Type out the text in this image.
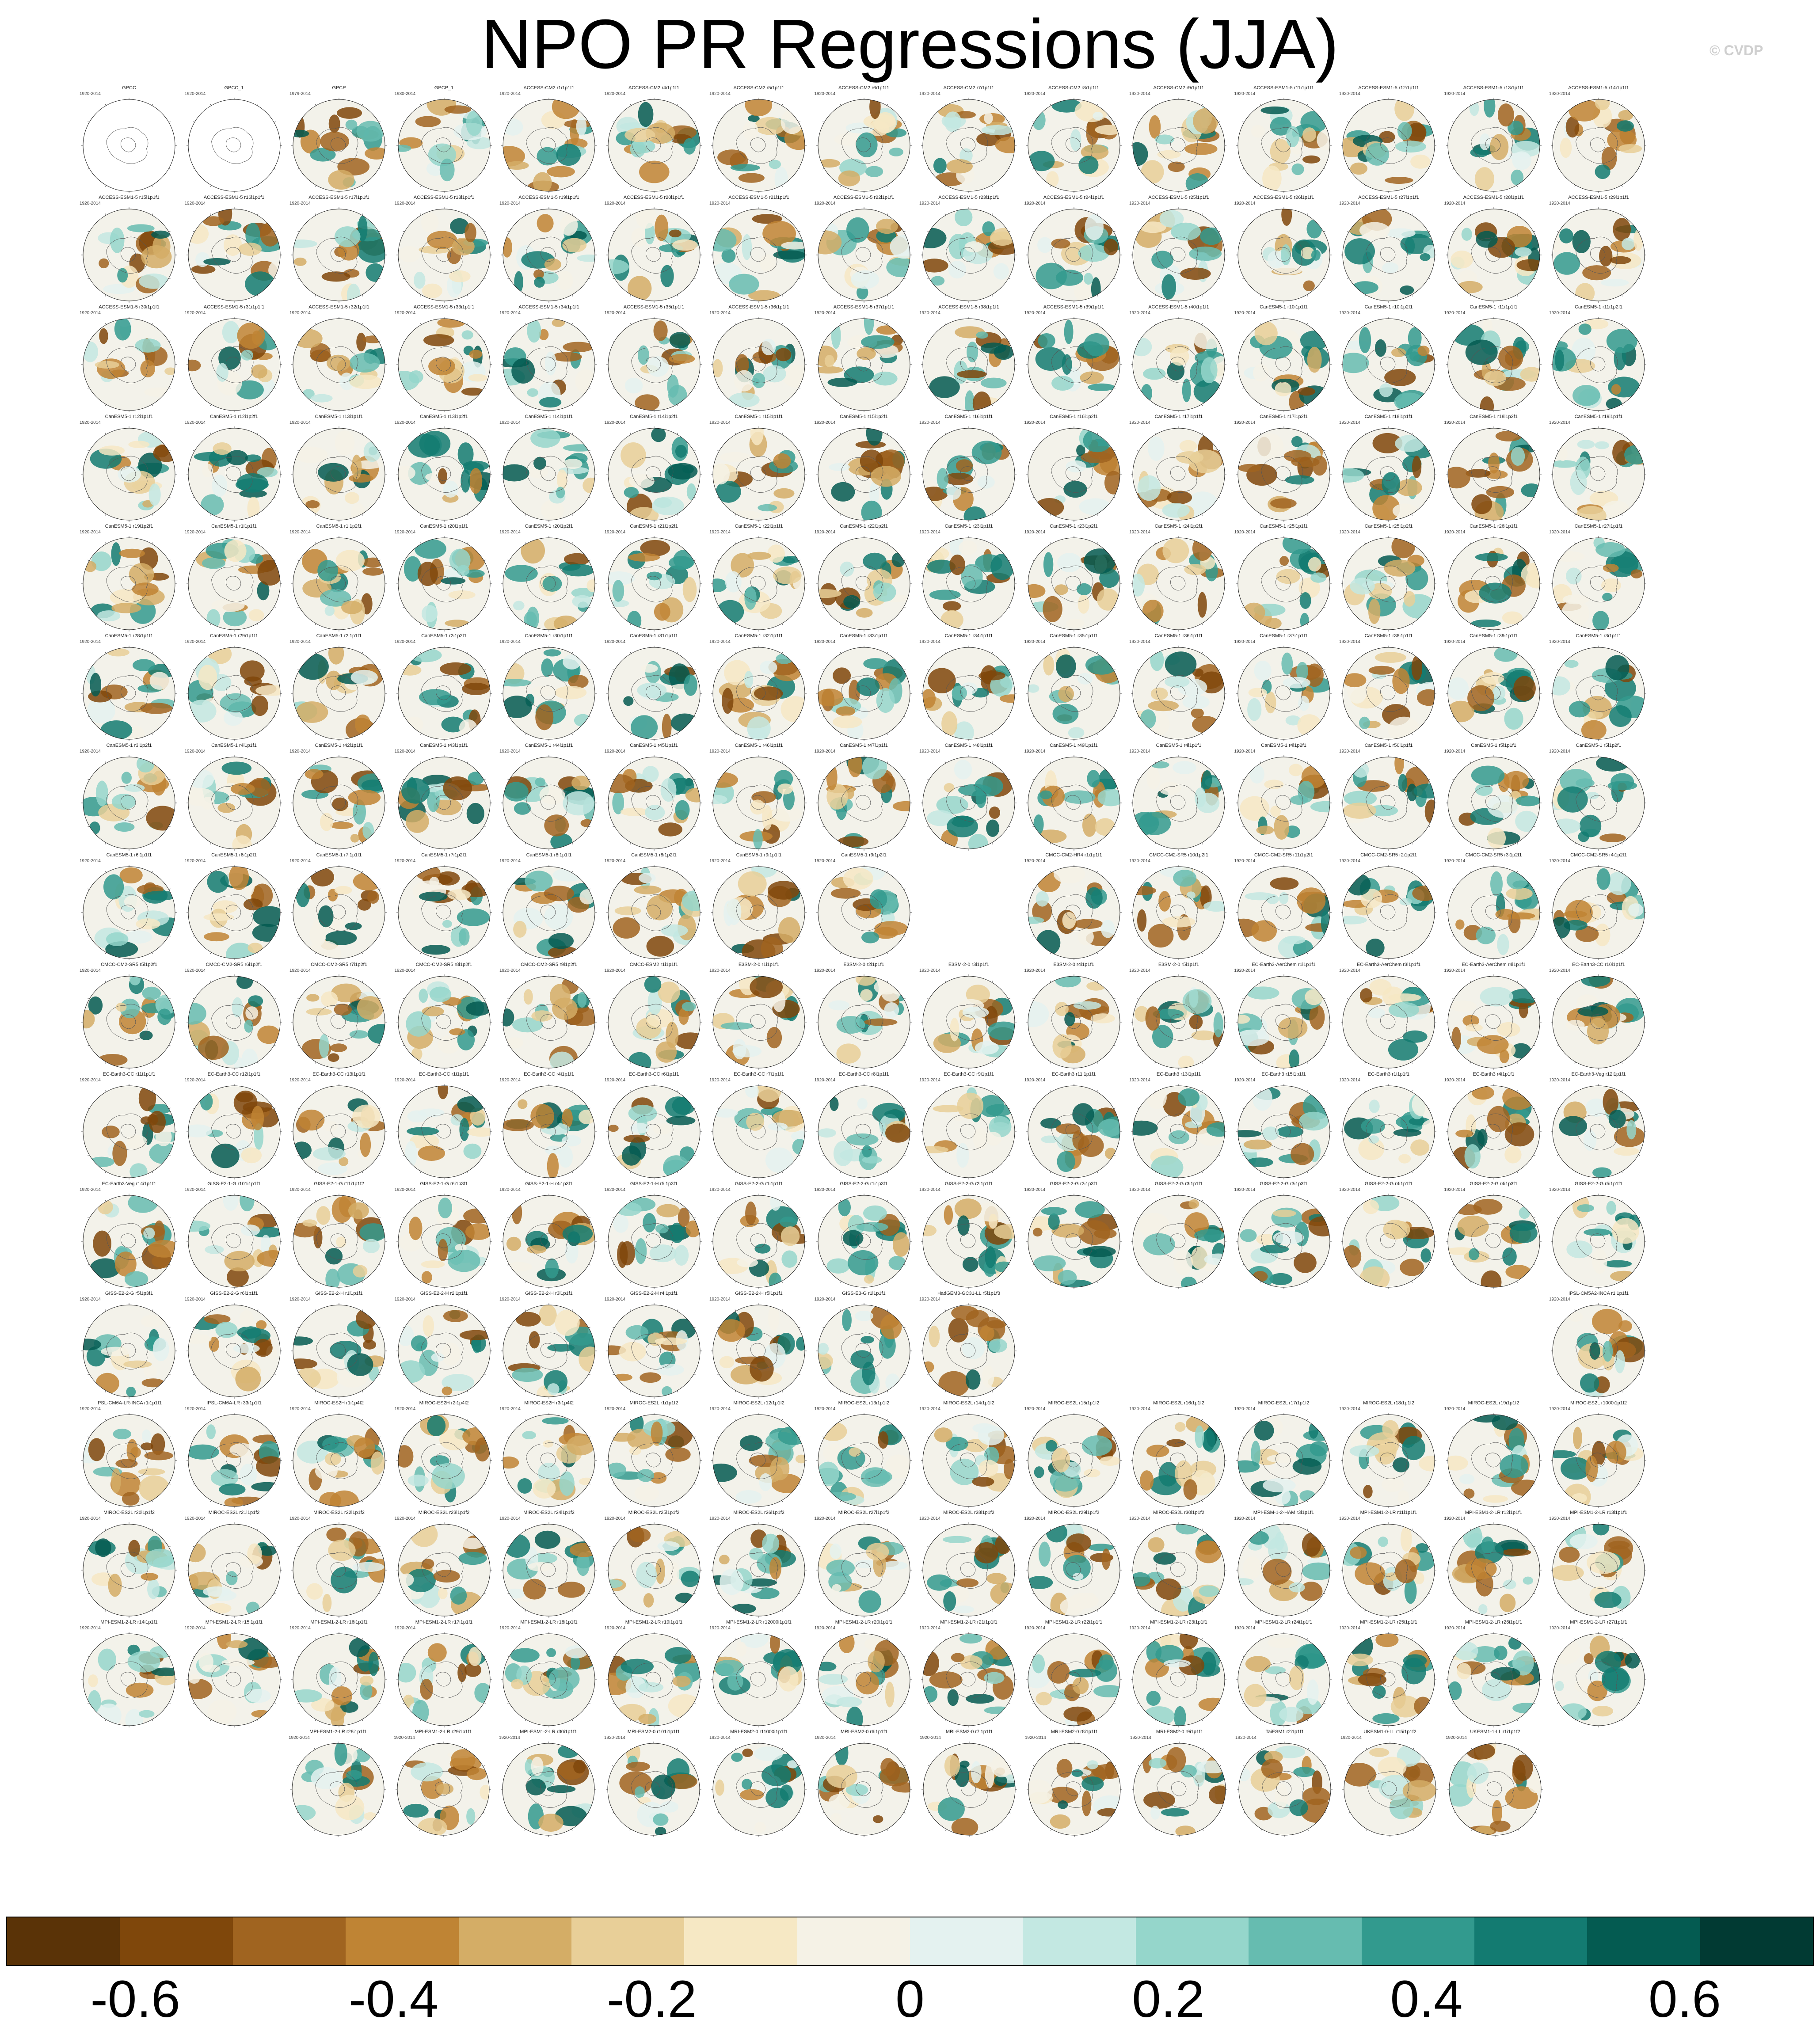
NPO PR Regressions (JJA)	© CVDP
GPCC
1920-2014
GPCC_1
1920-2014
GPCP
1979-2014
GPCP_1
1980-2014
ACCESS-CM2 r1i1p1f1
1920-2014
ACCESS-CM2 r4i1p1f1
1920-2014
ACCESS-CM2 r5i1p1f1
1920-2014
ACCESS-CM2 r6i1p1f1
1920-2014
ACCESS-CM2 r7i1p1f1
1920-2014
ACCESS-CM2 r8i1p1f1
1920-2014
ACCESS-CM2 r9i1p1f1
1920-2014
ACCESS-ESM1-5 r11i1p1f1
1920-2014
ACCESS-ESM1-5 r12i1p1f1
1920-2014
ACCESS-ESM1-5 r13i1p1f1
1920-2014
ACCESS-ESM1-5 r14i1p1f1
1920-2014
ACCESS-ESM1-5 r15i1p1f1
1920-2014
ACCESS-ESM1-5 r16i1p1f1
1920-2014
ACCESS-ESM1-5 r17i1p1f1
1920-2014
ACCESS-ESM1-5 r18i1p1f1
1920-2014
ACCESS-ESM1-5 r19i1p1f1
1920-2014
ACCESS-ESM1-5 r20i1p1f1
1920-2014
ACCESS-ESM1-5 r21i1p1f1
1920-2014
ACCESS-ESM1-5 r22i1p1f1
1920-2014
ACCESS-ESM1-5 r23i1p1f1
1920-2014
ACCESS-ESM1-5 r24i1p1f1
1920-2014
ACCESS-ESM1-5 r25i1p1f1
1920-2014
ACCESS-ESM1-5 r26i1p1f1
1920-2014
ACCESS-ESM1-5 r27i1p1f1
1920-2014
ACCESS-ESM1-5 r28i1p1f1
1920-2014
ACCESS-ESM1-5 r29i1p1f1
1920-2014
ACCESS-ESM1-5 r30i1p1f1
1920-2014
ACCESS-ESM1-5 r31i1p1f1
1920-2014
ACCESS-ESM1-5 r32i1p1f1
1920-2014
ACCESS-ESM1-5 r33i1p1f1
1920-2014
ACCESS-ESM1-5 r34i1p1f1
1920-2014
ACCESS-ESM1-5 r35i1p1f1
1920-2014
ACCESS-ESM1-5 r36i1p1f1
1920-2014
ACCESS-ESM1-5 r37i1p1f1
1920-2014
ACCESS-ESM1-5 r38i1p1f1
1920-2014
ACCESS-ESM1-5 r39i1p1f1
1920-2014
ACCESS-ESM1-5 r40i1p1f1
1920-2014
CanESM5-1 r10i1p1f1
1920-2014
CanESM5-1 r10i1p2f1
1920-2014
CanESM5-1 r11i1p1f1
1920-2014
CanESM5-1 r11i1p2f1
1920-2014
CanESM5-1 r12i1p1f1
1920-2014
CanESM5-1 r12i1p2f1
1920-2014
CanESM5-1 r13i1p1f1
1920-2014
CanESM5-1 r13i1p2f1
1920-2014
CanESM5-1 r14i1p1f1
1920-2014
CanESM5-1 r14i1p2f1
1920-2014
CanESM5-1 r15i1p1f1
1920-2014
CanESM5-1 r15i1p2f1
1920-2014
CanESM5-1 r16i1p1f1
1920-2014
CanESM5-1 r16i1p2f1
1920-2014
CanESM5-1 r17i1p1f1
1920-2014
CanESM5-1 r17i1p2f1
1920-2014
CanESM5-1 r18i1p1f1
1920-2014
CanESM5-1 r18i1p2f1
1920-2014
CanESM5-1 r19i1p1f1
1920-2014
CanESM5-1 r19i1p2f1
1920-2014
CanESM5-1 r1i1p1f1
1920-2014
CanESM5-1 r1i1p2f1
1920-2014
CanESM5-1 r20i1p1f1
1920-2014
CanESM5-1 r20i1p2f1
1920-2014
CanESM5-1 r21i1p2f1
1920-2014
CanESM5-1 r22i1p1f1
1920-2014
CanESM5-1 r22i1p2f1
1920-2014
CanESM5-1 r23i1p1f1
1920-2014
CanESM5-1 r23i1p2f1
1920-2014
CanESM5-1 r24i1p2f1
1920-2014
CanESM5-1 r25i1p1f1
1920-2014
CanESM5-1 r25i1p2f1
1920-2014
CanESM5-1 r26i1p1f1
1920-2014
CanESM5-1 r27i1p1f1
1920-2014
CanESM5-1 r28i1p1f1
1920-2014
CanESM5-1 r29i1p1f1
1920-2014
CanESM5-1 r2i1p1f1
1920-2014
CanESM5-1 r2i1p2f1
1920-2014
CanESM5-1 r30i1p1f1
1920-2014
CanESM5-1 r31i1p1f1
1920-2014
CanESM5-1 r32i1p1f1
1920-2014
CanESM5-1 r33i1p1f1
1920-2014
CanESM5-1 r34i1p1f1
1920-2014
CanESM5-1 r35i1p1f1
1920-2014
CanESM5-1 r36i1p1f1
1920-2014
CanESM5-1 r37i1p1f1
1920-2014
CanESM5-1 r38i1p1f1
1920-2014
CanESM5-1 r39i1p1f1
1920-2014
CanESM5-1 r3i1p1f1
1920-2014
CanESM5-1 r3i1p2f1
1920-2014
CanESM5-1 r4i1p1f1
1920-2014
CanESM5-1 r42i1p1f1
1920-2014
CanESM5-1 r43i1p1f1
1920-2014
CanESM5-1 r44i1p1f1
1920-2014
CanESM5-1 r45i1p1f1
1920-2014
CanESM5-1 r46i1p1f1
1920-2014
CanESM5-1 r47i1p1f1
1920-2014
CanESM5-1 r48i1p1f1
1920-2014
CanESM5-1 r49i1p1f1
1920-2014
CanESM5-1 r4i1p1f1
1920-2014
CanESM5-1 r4i1p2f1
1920-2014
CanESM5-1 r50i1p1f1
1920-2014
CanESM5-1 r5i1p1f1
1920-2014
CanESM5-1 r5i1p2f1
1920-2014
CanESM5-1 r6i1p1f1
1920-2014
CanESM5-1 r6i1p2f1
1920-2014
CanESM5-1 r7i1p1f1
1920-2014
CanESM5-1 r7i1p2f1
1920-2014
CanESM5-1 r8i1p1f1
1920-2014
CanESM5-1 r8i1p2f1
1920-2014
CanESM5-1 r9i1p1f1
1920-2014
CanESM5-1 r9i1p2f1
1920-2014
CMCC-CM2-HR4 r1i1p1f1
1920-2014
CMCC-CM2-SR5 r10i1p2f1
1920-2014
CMCC-CM2-SR5 r11i1p2f1
1920-2014
CMCC-CM2-SR5 r2i1p2f1
1920-2014
CMCC-CM2-SR5 r3i1p2f1
1920-2014
CMCC-CM2-SR5 r4i1p2f1
1920-2014
CMCC-CM2-SR5 r5i1p2f1
1920-2014
CMCC-CM2-SR5 r6i1p2f1
1920-2014
CMCC-CM2-SR5 r7i1p2f1
1920-2014
CMCC-CM2-SR5 r8i1p2f1
1920-2014
CMCC-CM2-SR5 r9i1p2f1
1920-2014
CMCC-ESM2 r1i1p1f1
1920-2014
E3SM-2-0 r1i1p1f1
1920-2014
E3SM-2-0 r2i1p1f1
1920-2014
E3SM-2-0 r3i1p1f1
1920-2014
E3SM-2-0 r4i1p1f1
1920-2014
E3SM-2-0 r5i1p1f1
1920-2014
EC-Earth3-AerChem r1i1p1f1
1920-2014
EC-Earth3-AerChem r3i1p1f1
1920-2014
EC-Earth3-AerChem r4i1p1f1
1920-2014
EC-Earth3-CC r10i1p1f1
1920-2014
EC-Earth3-CC r11i1p1f1
1920-2014
EC-Earth3-CC r12i1p1f1
1920-2014
EC-Earth3-CC r13i1p1f1
1920-2014
EC-Earth3-CC r1i1p1f1
1920-2014
EC-Earth3-CC r4i1p1f1
1920-2014
EC-Earth3-CC r6i1p1f1
1920-2014
EC-Earth3-CC r7i1p1f1
1920-2014
EC-Earth3-CC r8i1p1f1
1920-2014
EC-Earth3-CC r9i1p1f1
1920-2014
EC-Earth3 r11i1p1f1
1920-2014
EC-Earth3 r13i1p1f1
1920-2014
EC-Earth3 r15i1p1f1
1920-2014
EC-Earth3 r1i1p1f1
1920-2014
EC-Earth3 r4i1p1f1
1920-2014
EC-Earth3-Veg r12i1p1f1
1920-2014
EC-Earth3-Veg r14i1p1f1
1920-2014
GISS-E2-1-G r101i1p1f1
1920-2014
GISS-E2-1-G r11i1p1f2
1920-2014
GISS-E2-1-G r6i1p3f1
1920-2014
GISS-E2-1-H r4i1p3f1
1920-2014
GISS-E2-1-H r5i1p3f1
1920-2014
GISS-E2-2-G r1i1p1f1
1920-2014
GISS-E2-2-G r1i1p3f1
1920-2014
GISS-E2-2-G r2i1p1f1
1920-2014
GISS-E2-2-G r2i1p3f1
1920-2014
GISS-E2-2-G r3i1p1f1
1920-2014
GISS-E2-2-G r3i1p3f1
1920-2014
GISS-E2-2-G r4i1p1f1
1920-2014
GISS-E2-2-G r4i1p3f1
1920-2014
GISS-E2-2-G r5i1p1f1
1920-2014
GISS-E2-2-G r5i1p3f1
1920-2014
GISS-E2-2-G r6i1p1f1
1920-2014
GISS-E2-2-H r1i1p1f1
1920-2014
GISS-E2-2-H r2i1p1f1
1920-2014
GISS-E2-2-H r3i1p1f1
1920-2014
GISS-E2-2-H r4i1p1f1
1920-2014
GISS-E2-2-H r5i1p1f1
1920-2014
GISS-E3-G r1i1p1f1
1920-2014
HadGEM3-GC31-LL r5i1p1f3
1920-2014
IPSL-CM5A2-INCA r1i1p1f1
1920-2014
IPSL-CM6A-LR-INCA r1i1p1f1
1920-2014
IPSL-CM6A-LR r33i1p1f1
1920-2014
MIROC-ES2H r1i1p4f2
1920-2014
MIROC-ES2H r2i1p4f2
1920-2014
MIROC-ES2H r3i1p4f2
1920-2014
MIROC-ES2L r1i1p1f2
1920-2014
MIROC-ES2L r12i1p1f2
1920-2014
MIROC-ES2L r13i1p1f2
1920-2014
MIROC-ES2L r14i1p1f2
1920-2014
MIROC-ES2L r15i1p1f2
1920-2014
MIROC-ES2L r16i1p1f2
1920-2014
MIROC-ES2L r17i1p1f2
1920-2014
MIROC-ES2L r18i1p1f2
1920-2014
MIROC-ES2L r19i1p1f2
1920-2014
MIROC-ES2L r1000i1p1f2
1920-2014
MIROC-ES2L r20i1p1f2
1920-2014
MIROC-ES2L r21i1p1f2
1920-2014
MIROC-ES2L r22i1p1f2
1920-2014
MIROC-ES2L r23i1p1f2
1920-2014
MIROC-ES2L r24i1p1f2
1920-2014
MIROC-ES2L r25i1p1f2
1920-2014
MIROC-ES2L r26i1p1f2
1920-2014
MIROC-ES2L r27i1p1f2
1920-2014
MIROC-ES2L r28i1p1f2
1920-2014
MIROC-ES2L r29i1p1f2
1920-2014
MIROC-ES2L r30i1p1f2
1920-2014
MPI-ESM-1-2-HAM r3i1p1f1
1920-2014
MPI-ESM1-2-LR r11i1p1f1
1920-2014
MPI-ESM1-2-LR r12i1p1f1
1920-2014
MPI-ESM1-2-LR r13i1p1f1
1920-2014
MPI-ESM1-2-LR r14i1p1f1
1920-2014
MPI-ESM1-2-LR r15i1p1f1
1920-2014
MPI-ESM1-2-LR r16i1p1f1
1920-2014
MPI-ESM1-2-LR r17i1p1f1
1920-2014
MPI-ESM1-2-LR r18i1p1f1
1920-2014
MPI-ESM1-2-LR r19i1p1f1
1920-2014
MPI-ESM1-2-LR r12000i1p1f1
1920-2014
MPI-ESM1-2-LR r20i1p1f1
1920-2014
MPI-ESM1-2-LR r21i1p1f1
1920-2014
MPI-ESM1-2-LR r22i1p1f1
1920-2014
MPI-ESM1-2-LR r23i1p1f1
1920-2014
MPI-ESM1-2-LR r24i1p1f1
1920-2014
MPI-ESM1-2-LR r25i1p1f1
1920-2014
MPI-ESM1-2-LR r26i1p1f1
1920-2014
MPI-ESM1-2-LR r27i1p1f1
1920-2014
MPI-ESM1-2-LR r28i1p1f1
1920-2014
MPI-ESM1-2-LR r29i1p1f1
1920-2014
MPI-ESM1-2-LR r30i1p1f1
1920-2014
MRI-ESM2-0 r101i1p1f1
1920-2014
MRI-ESM2-0 r11000i1p1f1
1920-2014
MRI-ESM2-0 r6i1p1f1
1920-2014
MRI-ESM2-0 r7i1p1f1
1920-2014
MRI-ESM2-0 r8i1p1f1
1920-2014
MRI-ESM2-0 r9i1p1f1
1920-2014
TaiESM1 r2i1p1f1
1920-2014
UKESM1-0-LL r15i1p1f2
1920-2014
UKESM1-1-LL r1i1p1f2
1920-2014
-0.6	-0.4	-0.2	0	0.2	0.4	0.6
